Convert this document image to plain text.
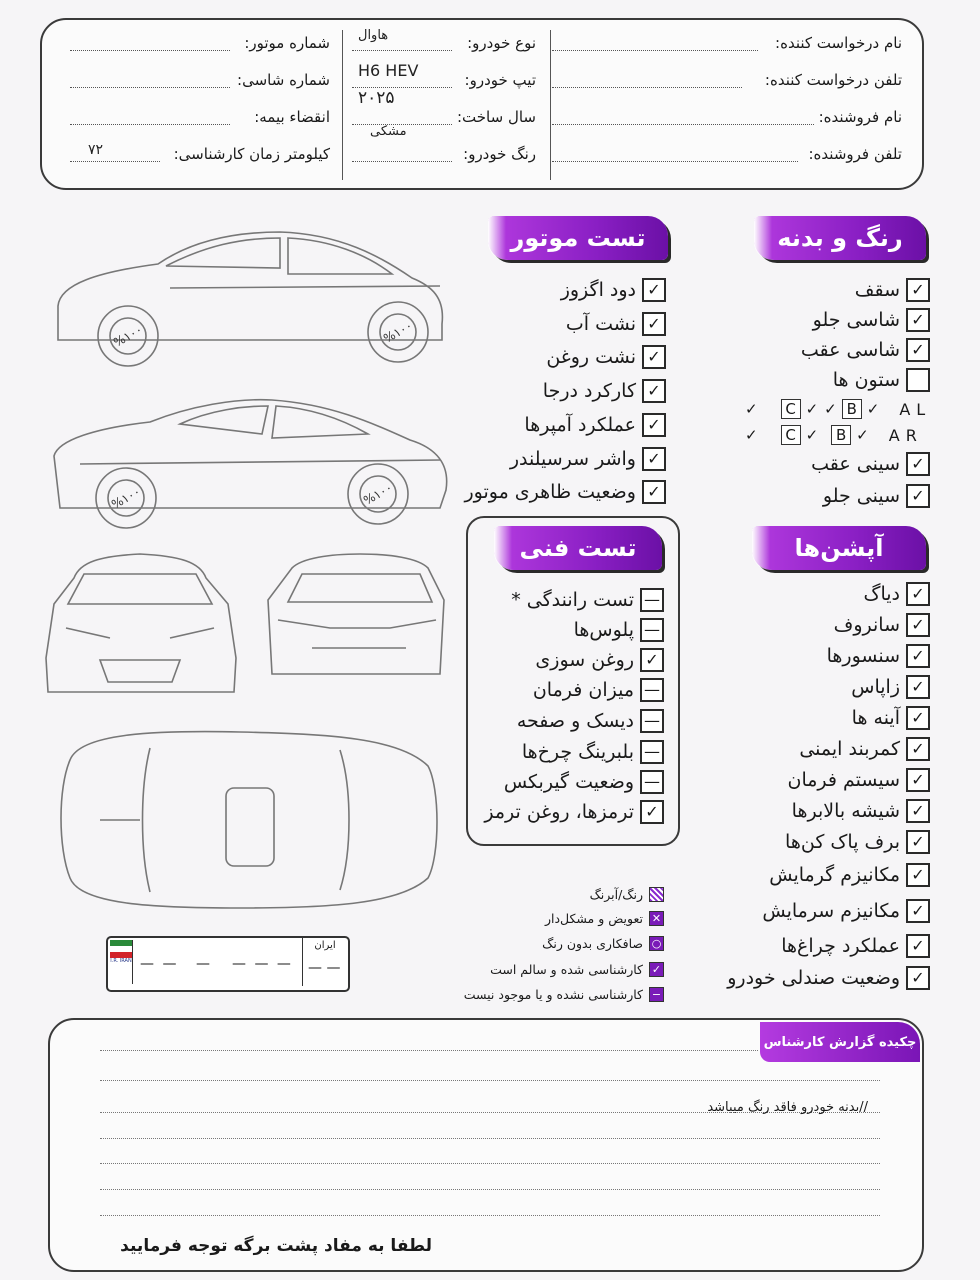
نام درخواست کننده:
تلفن درخواست کننده:
نام فروشنده:
تلفن فروشنده:
نوع خودرو:
هاوال
تیپ خودرو:
H6 HEV
سال ساخت:
۲۰۲۵
رنگ خودرو:
مشکی
شماره موتور:
شماره شاسی:
انقضاء بیمه:
کیلومتر زمان کارشناسی:
۷۲
رنگ و بدنه
تست موتور
آپشن‌ها
تست فنی
✓
سقف
✓
شاسی جلو
✓
شاسی عقب
ستون ها
✓ C ✓ ✓ B ✓ A L
✓ C ✓ B ✓ A R
✓
سینی عقب
✓
سینی جلو
✓
دود اگزوز
✓
نشت آب
✓
نشت روغن
✓
کارکرد درجا
✓
عملکرد آمپرها
✓
واشر سرسیلندر
✓
وضعیت ظاهری موتور
✓
دیاگ
✓
سانروف
✓
سنسورها
✓
زاپاس
✓
آینه ها
✓
کمربند ایمنی
✓
سیستم فرمان
✓
شیشه بالابرها
✓
برف پاک کن‌ها
✓
مکانیزم گرمایش
✓
مکانیزم سرمایش
✓
عملکرد چراغ‌ها
✓
وضعیت صندلی خودرو
—
تست رانندگی *
—
پلوس‌ها
✓
روغن سوزی
—
میزان فرمان
—
دیسک و صفحه
—
بلبرینگ چرخ‌ها
—
وضعیت گیربکس
✓
ترمزها، روغن ترمز
%۱۰۰	%۱۰۰
%۱۰۰	%۱۰۰
I.R. IRAN — — — — — —
ایران
— —
رنگ/آبرنگ
✕
تعویض و مشکل‌دار
○
صافکاری بدون رنگ
✓
کارشناسی شده و سالم است
−
کارشناسی نشده و یا موجود نیست
چکیده گزارش کارشناس
//بدنه خودرو فاقد رنگ میباشد
لطفا به مفاد پشت برگه توجه فرمایید
